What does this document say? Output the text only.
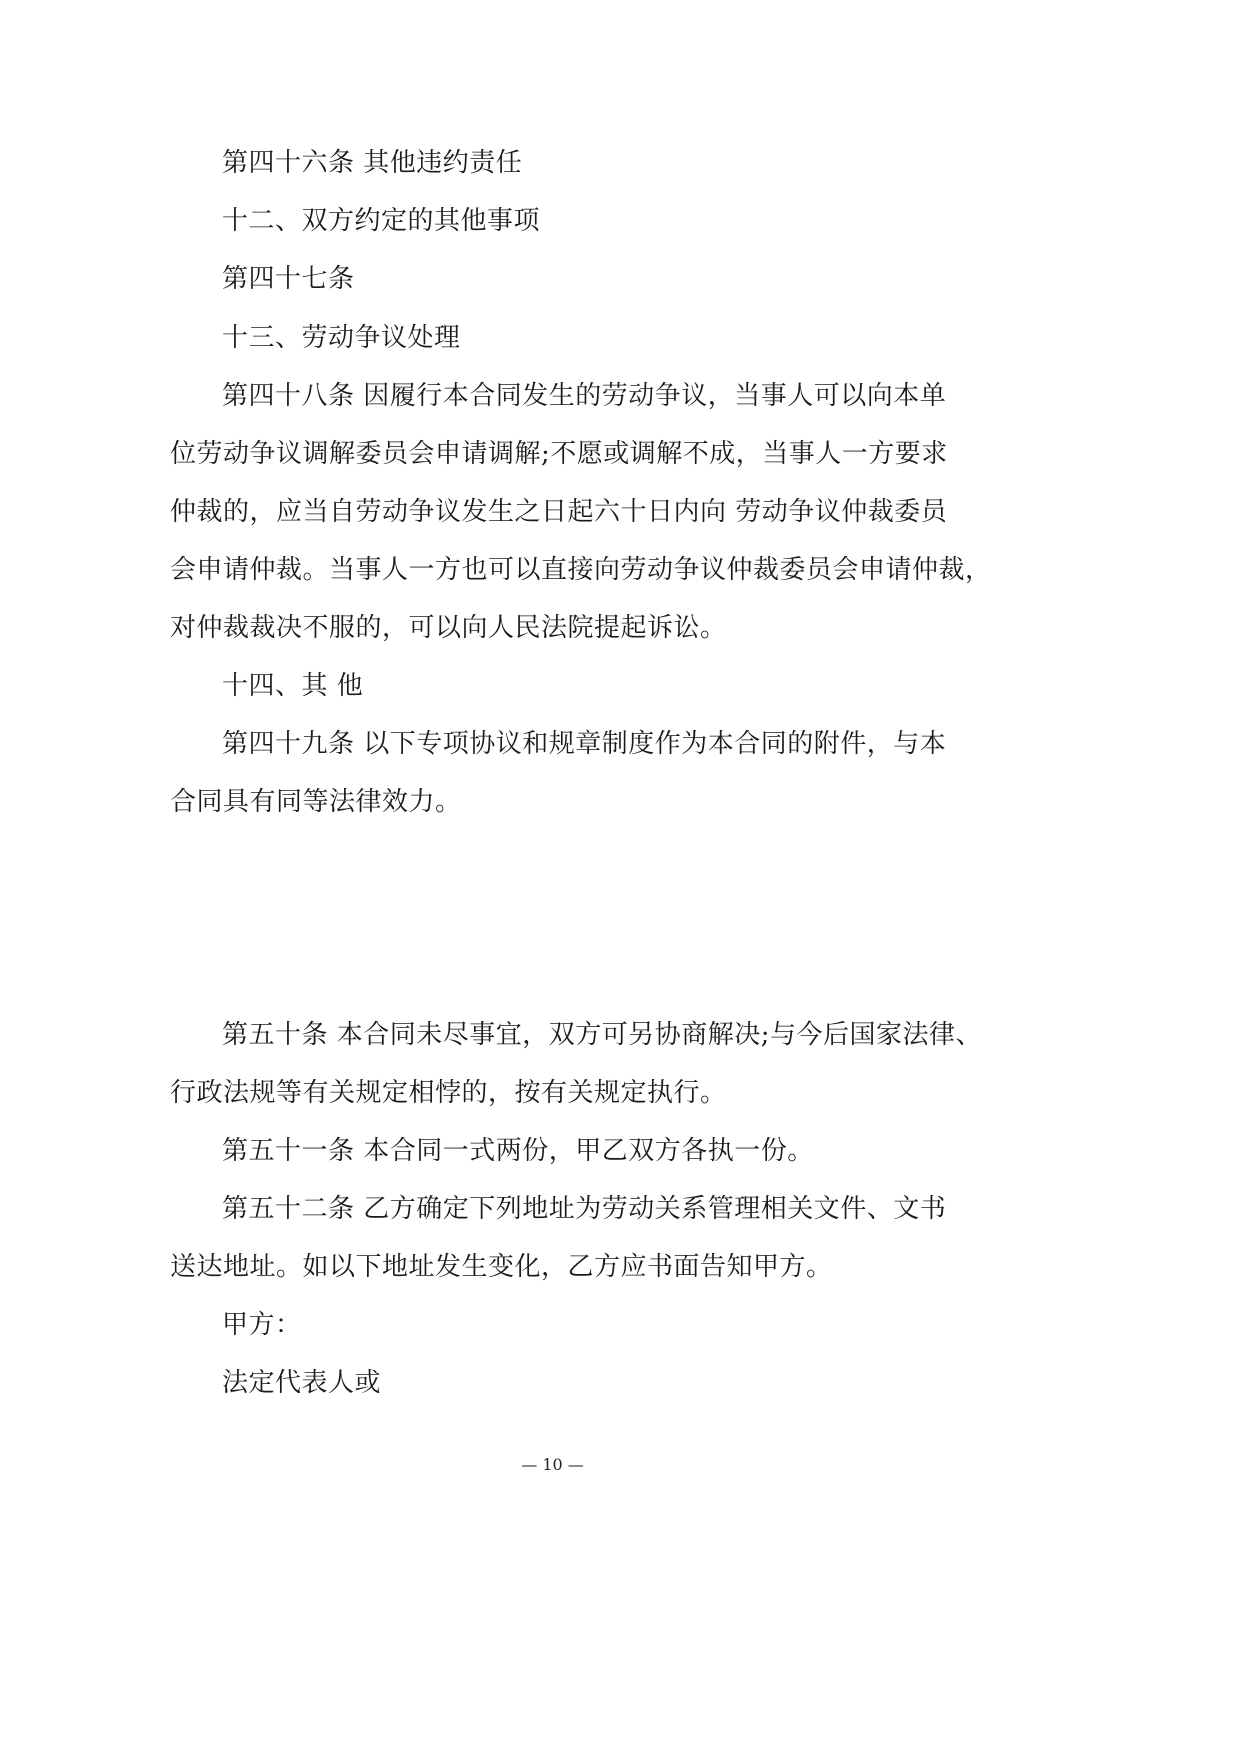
第四十六条 其他违约责任
十二、双方约定的其他事项
第四十七条
十三、劳动争议处理
第四十八条 因履行本合同发生的劳动争议，当事人可以向本单
位劳动争议调解委员会申请调解;不愿或调解不成，当事人一方要求
仲裁的，应当自劳动争议发生之日起六十日内向 劳动争议仲裁委员
会申请仲裁。当事人一方也可以直接向劳动争议仲裁委员会申请仲裁，
对仲裁裁决不服的，可以向人民法院提起诉讼。
十四、其 他
第四十九条 以下专项协议和规章制度作为本合同的附件，与本
合同具有同等法律效力。
第五十条 本合同未尽事宜，双方可另协商解决;与今后国家法律、
行政法规等有关规定相悖的，按有关规定执行。
第五十一条 本合同一式两份，甲乙双方各执一份。
第五十二条 乙方确定下列地址为劳动关系管理相关文件、文书
送达地址。如以下地址发生变化，乙方应书面告知甲方。
甲方：
法定代表人或
— 10 —
